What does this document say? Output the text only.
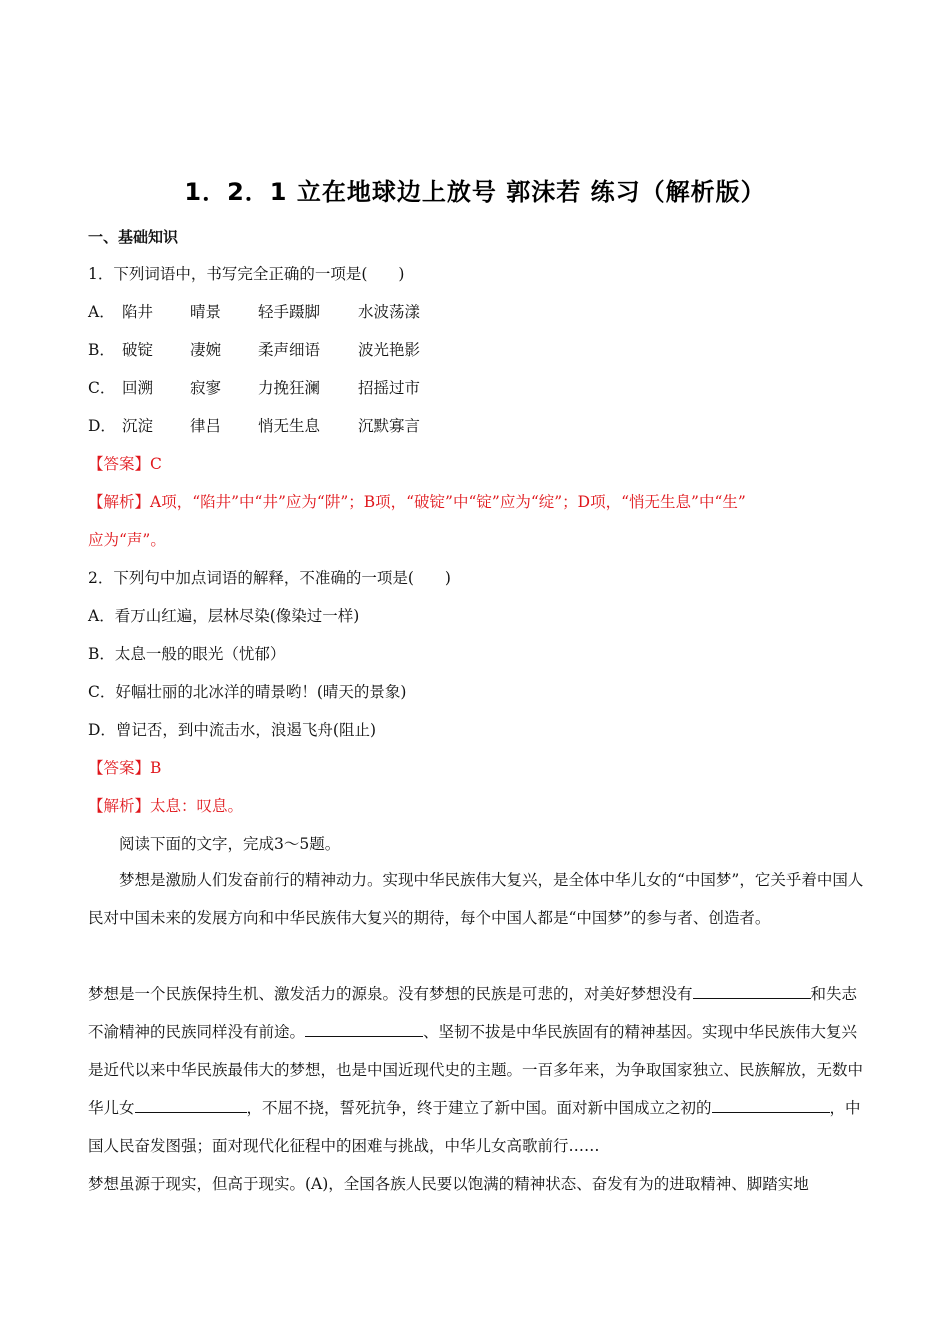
1．2．1 立在地球边上放号 郭沫若 练习（解析版）
一、基础知识
1．下列词语中，书写完全正确的一项是(　　)
A． 陷井 晴景 轻手蹑脚 水波荡漾
B． 破锭 凄婉 柔声细语 波光艳影
C． 回溯 寂寥 力挽狂澜 招摇过市
D． 沉淀 律吕 悄无生息 沉默寡言
【答案】C
【解析】A项，“陷井”中“井”应为“阱”；B项，“破锭”中“锭”应为“绽”；D项，“悄无生息”中“生”
应为“声”。
2．下列句中加点词语的解释，不准确的一项是(　　)
A．看万山红遍，层林尽染(像染过一样)
B．太息一般的眼光（忧郁）
C．好幅壮丽的北冰洋的晴景哟！(晴天的景象)
D．曾记否，到中流击水，浪遏飞舟(阻止)
【答案】B
【解析】太息：叹息。
阅读下面的文字，完成3～5题。
梦想是激励人们发奋前行的精神动力。实现中华民族伟大复兴，是全体中华儿女的“中国梦”，它关乎着中国人民对中国未来的发展方向和中华民族伟大复兴的期待，每个中国人都是“中国梦”的参与者、创造者。
梦想是一个民族保持生机、激发活力的源泉。没有梦想的民族是可悲的，对美好梦想没有	和失志不渝精神的民族同样没有前途。	、坚韧不拔是中华民族固有的精神基因。实现中华民族伟大复兴是近代以来中华民族最伟大的梦想，也是中国近现代史的主题。一百多年来，为争取国家独立、民族解放，无数中华儿女	，不屈不挠，誓死抗争，终于建立了新中国。面对新中国成立之初的	，中国人民奋发图强；面对现代化征程中的困难与挑战，中华儿女高歌前行……
梦想虽源于现实，但高于现实。(A)，全国各族人民要以饱满的精神状态、奋发有为的进取精神、脚踏实地
